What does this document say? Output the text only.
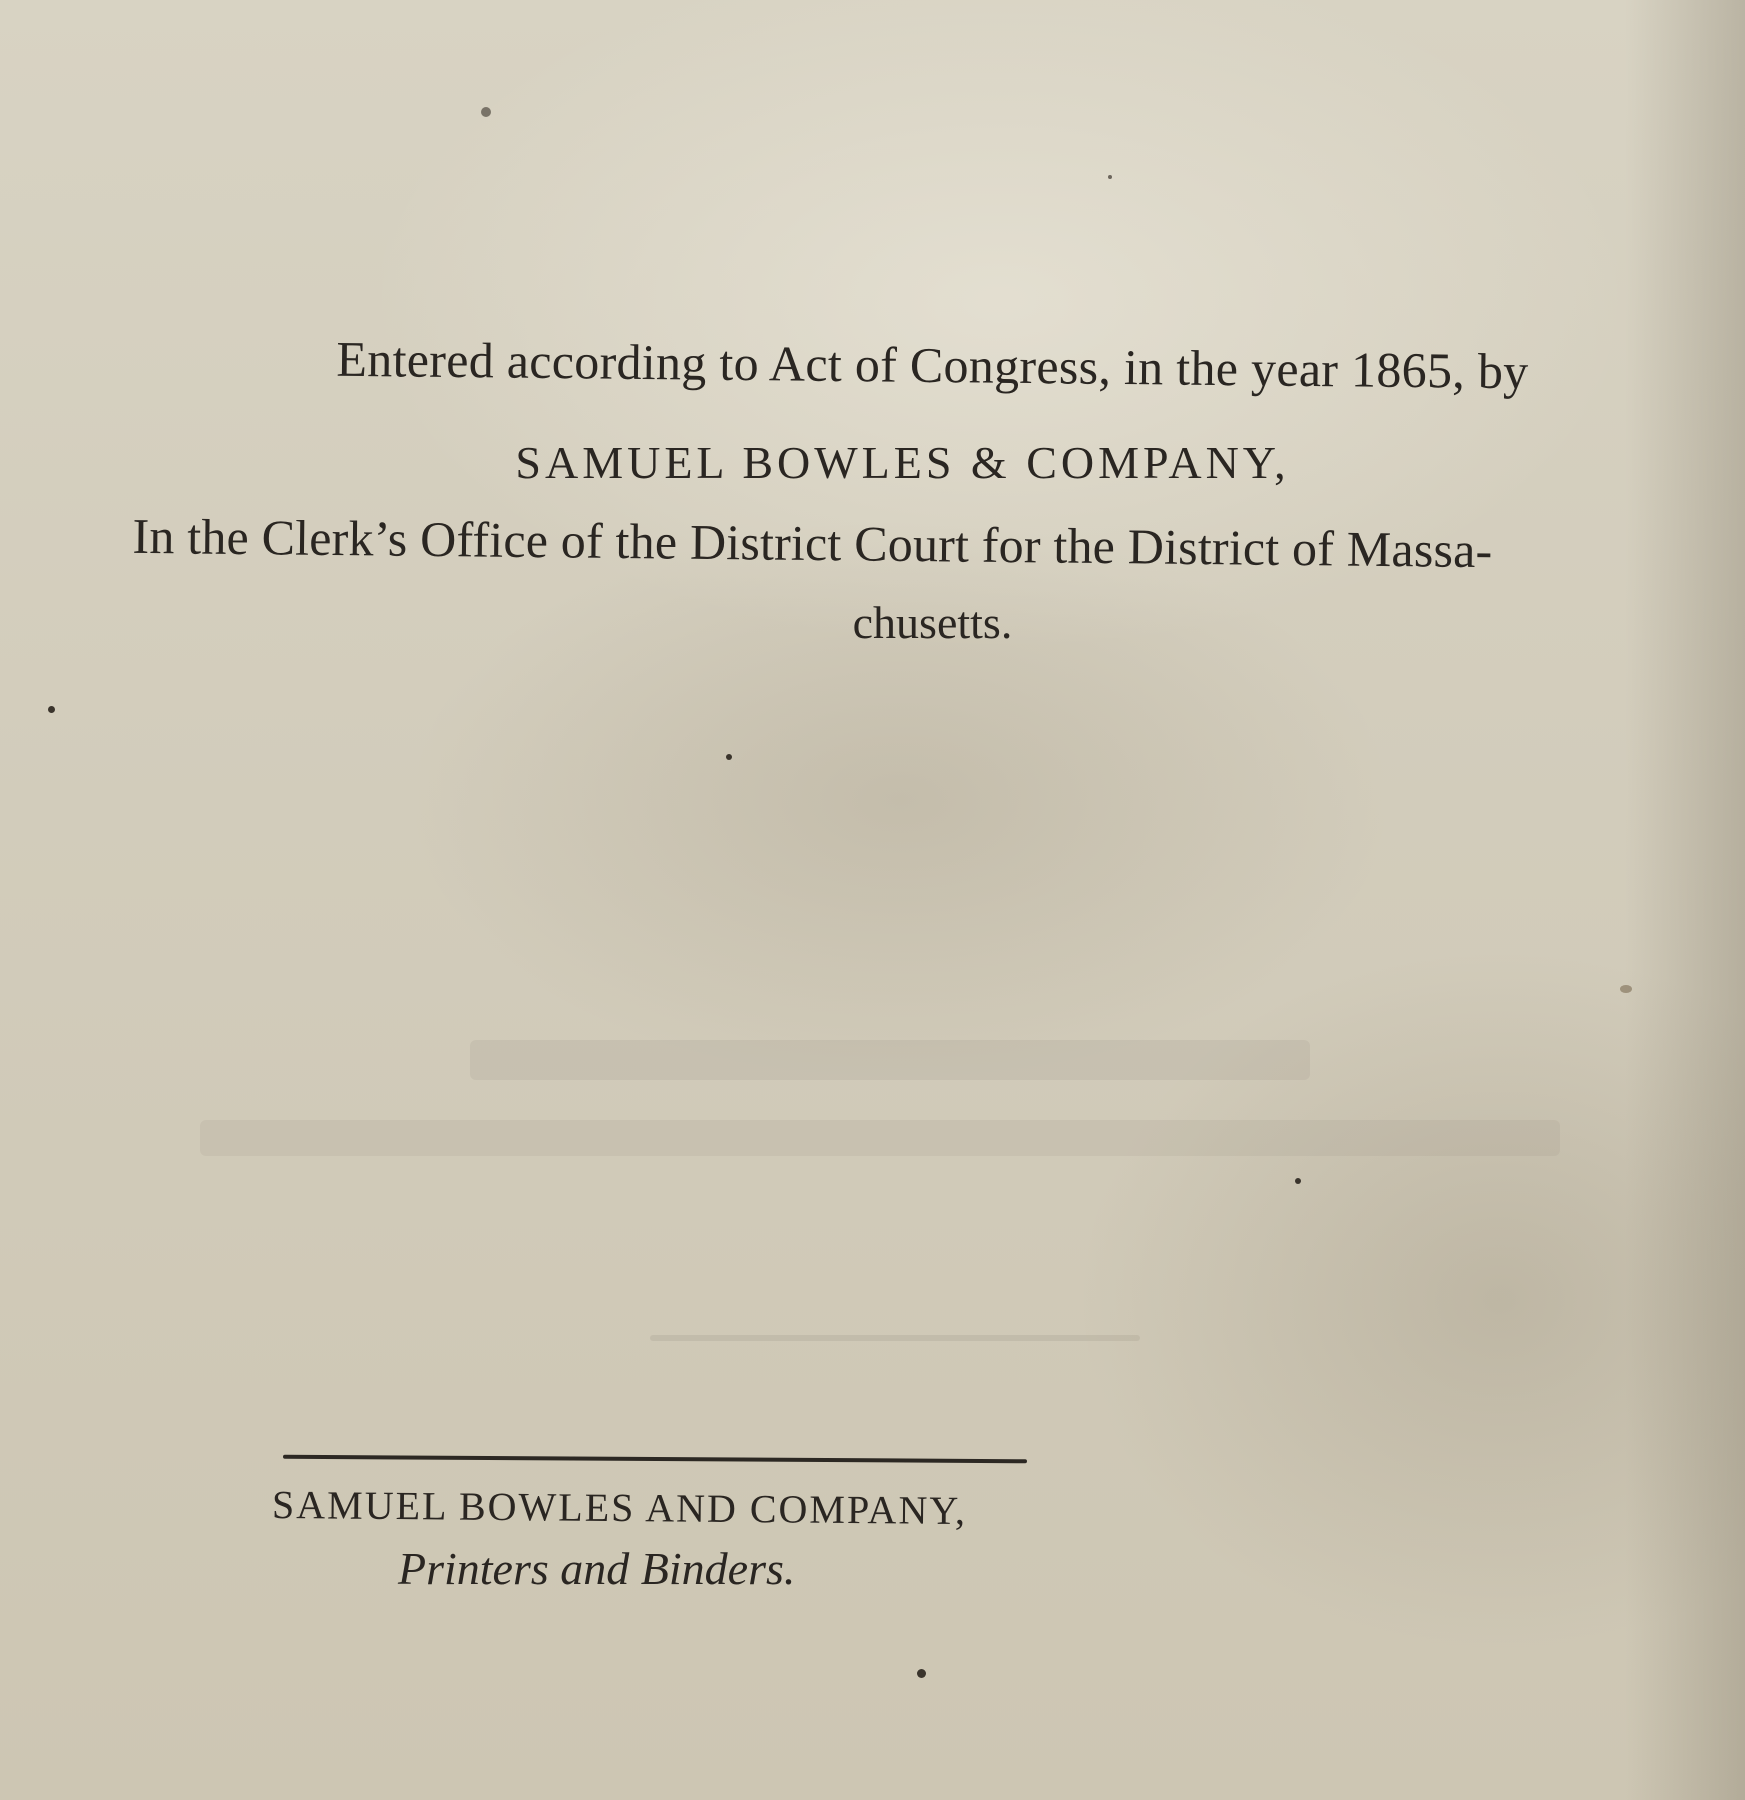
Entered according to Act of Congress, in the year 1865, by
SAMUEL BOWLES & COMPANY,
In the Clerk’s Office of the District Court for the District of Massa-
chusetts.
SAMUEL BOWLES AND COMPANY,
Printers and Binders.
